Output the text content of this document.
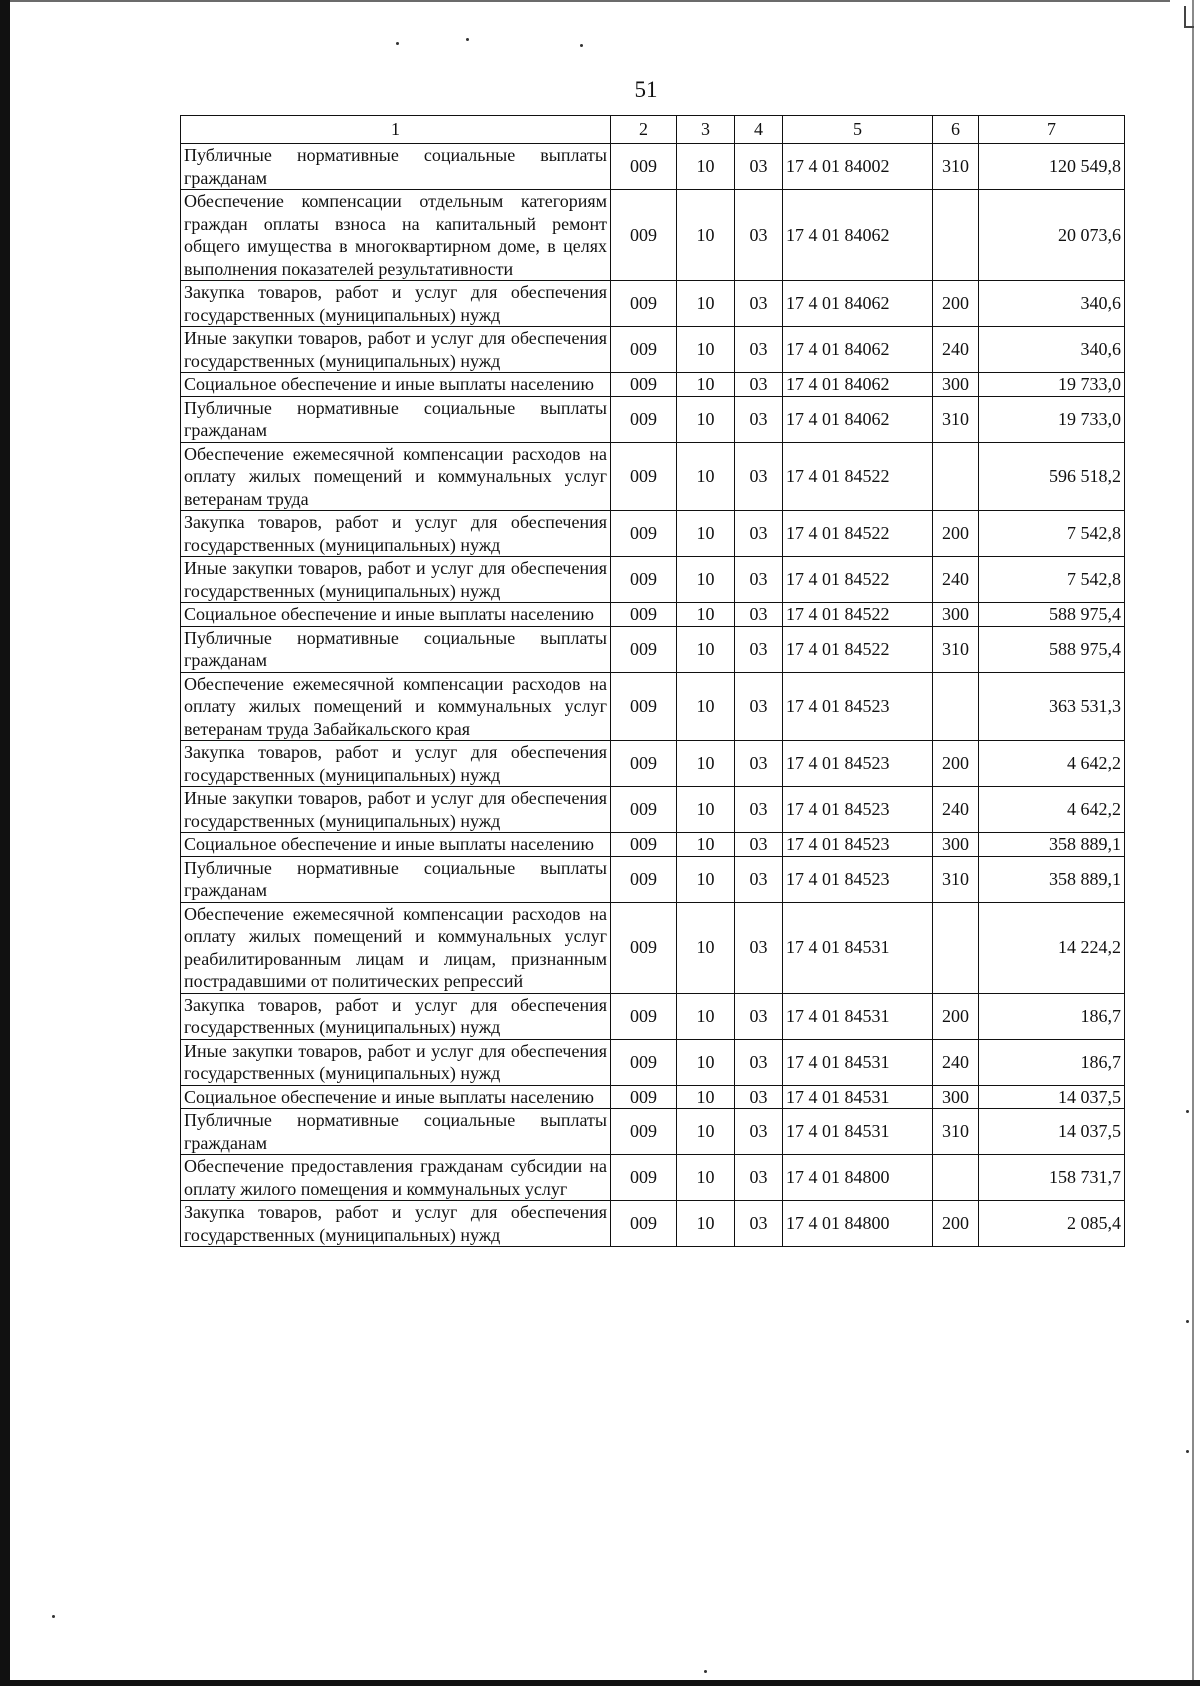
51
1	2	3	4	5	6	7
Публичные нормативные социальные выплаты гражданам	009	10	03	17 4 01 84002	310	120 549,8
Обеспечение компенсации отдельным категориям граждан оплаты взноса на капитальный ремонт общего имущества в многоквартирном доме, в целях выполнения показателей результативности	009	10	03	17 4 01 84062		20 073,6
Закупка товаров, работ и услуг для обеспечения государственных (муниципальных) нужд	009	10	03	17 4 01 84062	200	340,6
Иные закупки товаров, работ и услуг для обеспечения государственных (муниципальных) нужд	009	10	03	17 4 01 84062	240	340,6
Социальное обеспечение и иные выплаты населению	009	10	03	17 4 01 84062	300	19 733,0
Публичные нормативные социальные выплаты гражданам	009	10	03	17 4 01 84062	310	19 733,0
Обеспечение ежемесячной компенсации расходов на оплату жилых помещений и коммунальных услуг ветеранам труда	009	10	03	17 4 01 84522		596 518,2
Закупка товаров, работ и услуг для обеспечения государственных (муниципальных) нужд	009	10	03	17 4 01 84522	200	7 542,8
Иные закупки товаров, работ и услуг для обеспечения государственных (муниципальных) нужд	009	10	03	17 4 01 84522	240	7 542,8
Социальное обеспечение и иные выплаты населению	009	10	03	17 4 01 84522	300	588 975,4
Публичные нормативные социальные выплаты гражданам	009	10	03	17 4 01 84522	310	588 975,4
Обеспечение ежемесячной компенсации расходов на оплату жилых помещений и коммунальных услуг ветеранам труда Забайкальского края	009	10	03	17 4 01 84523		363 531,3
Закупка товаров, работ и услуг для обеспечения государственных (муниципальных) нужд	009	10	03	17 4 01 84523	200	4 642,2
Иные закупки товаров, работ и услуг для обеспечения государственных (муниципальных) нужд	009	10	03	17 4 01 84523	240	4 642,2
Социальное обеспечение и иные выплаты населению	009	10	03	17 4 01 84523	300	358 889,1
Публичные нормативные социальные выплаты гражданам	009	10	03	17 4 01 84523	310	358 889,1
Обеспечение ежемесячной компенсации расходов на оплату жилых помещений и коммунальных услуг реабилитированным лицам и лицам, признанным пострадавшими от политических репрессий	009	10	03	17 4 01 84531		14 224,2
Закупка товаров, работ и услуг для обеспечения государственных (муниципальных) нужд	009	10	03	17 4 01 84531	200	186,7
Иные закупки товаров, работ и услуг для обеспечения государственных (муниципальных) нужд	009	10	03	17 4 01 84531	240	186,7
Социальное обеспечение и иные выплаты населению	009	10	03	17 4 01 84531	300	14 037,5
Публичные нормативные социальные выплаты гражданам	009	10	03	17 4 01 84531	310	14 037,5
Обеспечение предоставления гражданам субсидии на оплату жилого помещения и коммунальных услуг	009	10	03	17 4 01 84800		158 731,7
Закупка товаров, работ и услуг для обеспечения государственных (муниципальных) нужд	009	10	03	17 4 01 84800	200	2 085,4
